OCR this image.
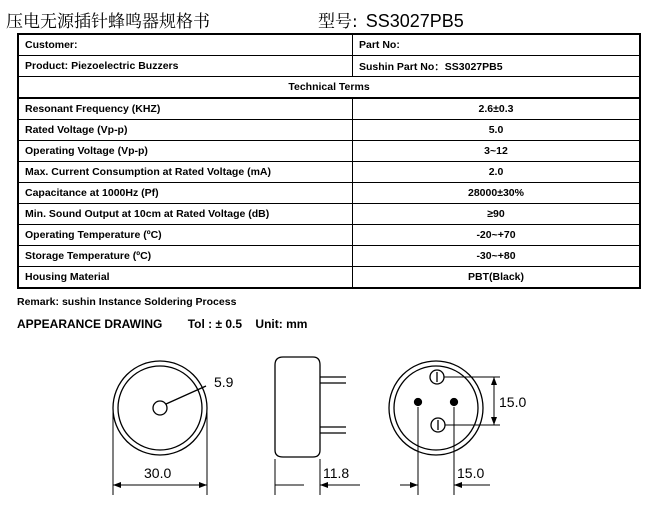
压电无源插针蜂鸣器规格书	型号: SS3027PB5
Customer:	Part No:
Product: Piezoelectric Buzzers	Sushin Part No：SS3027PB5
Technical Terms	
Resonant Frequency (KHZ)	2.6±0.3
Rated Voltage (Vp-p)	5.0
Operating Voltage (Vp-p)	3~12
Max. Current Consumption at Rated Voltage (mA)	2.0
Capacitance at 1000Hz (Pf)	28000±30%
Min. Sound Output at 10cm at Rated Voltage (dB)	≥90
Operating Temperature (ºC)	-20~+70
Storage Temperature (ºC)	-30~+80
Housing Material	PBT(Black)
Remark: sushin Instance Soldering Process
APPEARANCE DRAWING Tol : ± 0.5 Unit: mm
5.9
30.0	11.8
15.0
15.0
